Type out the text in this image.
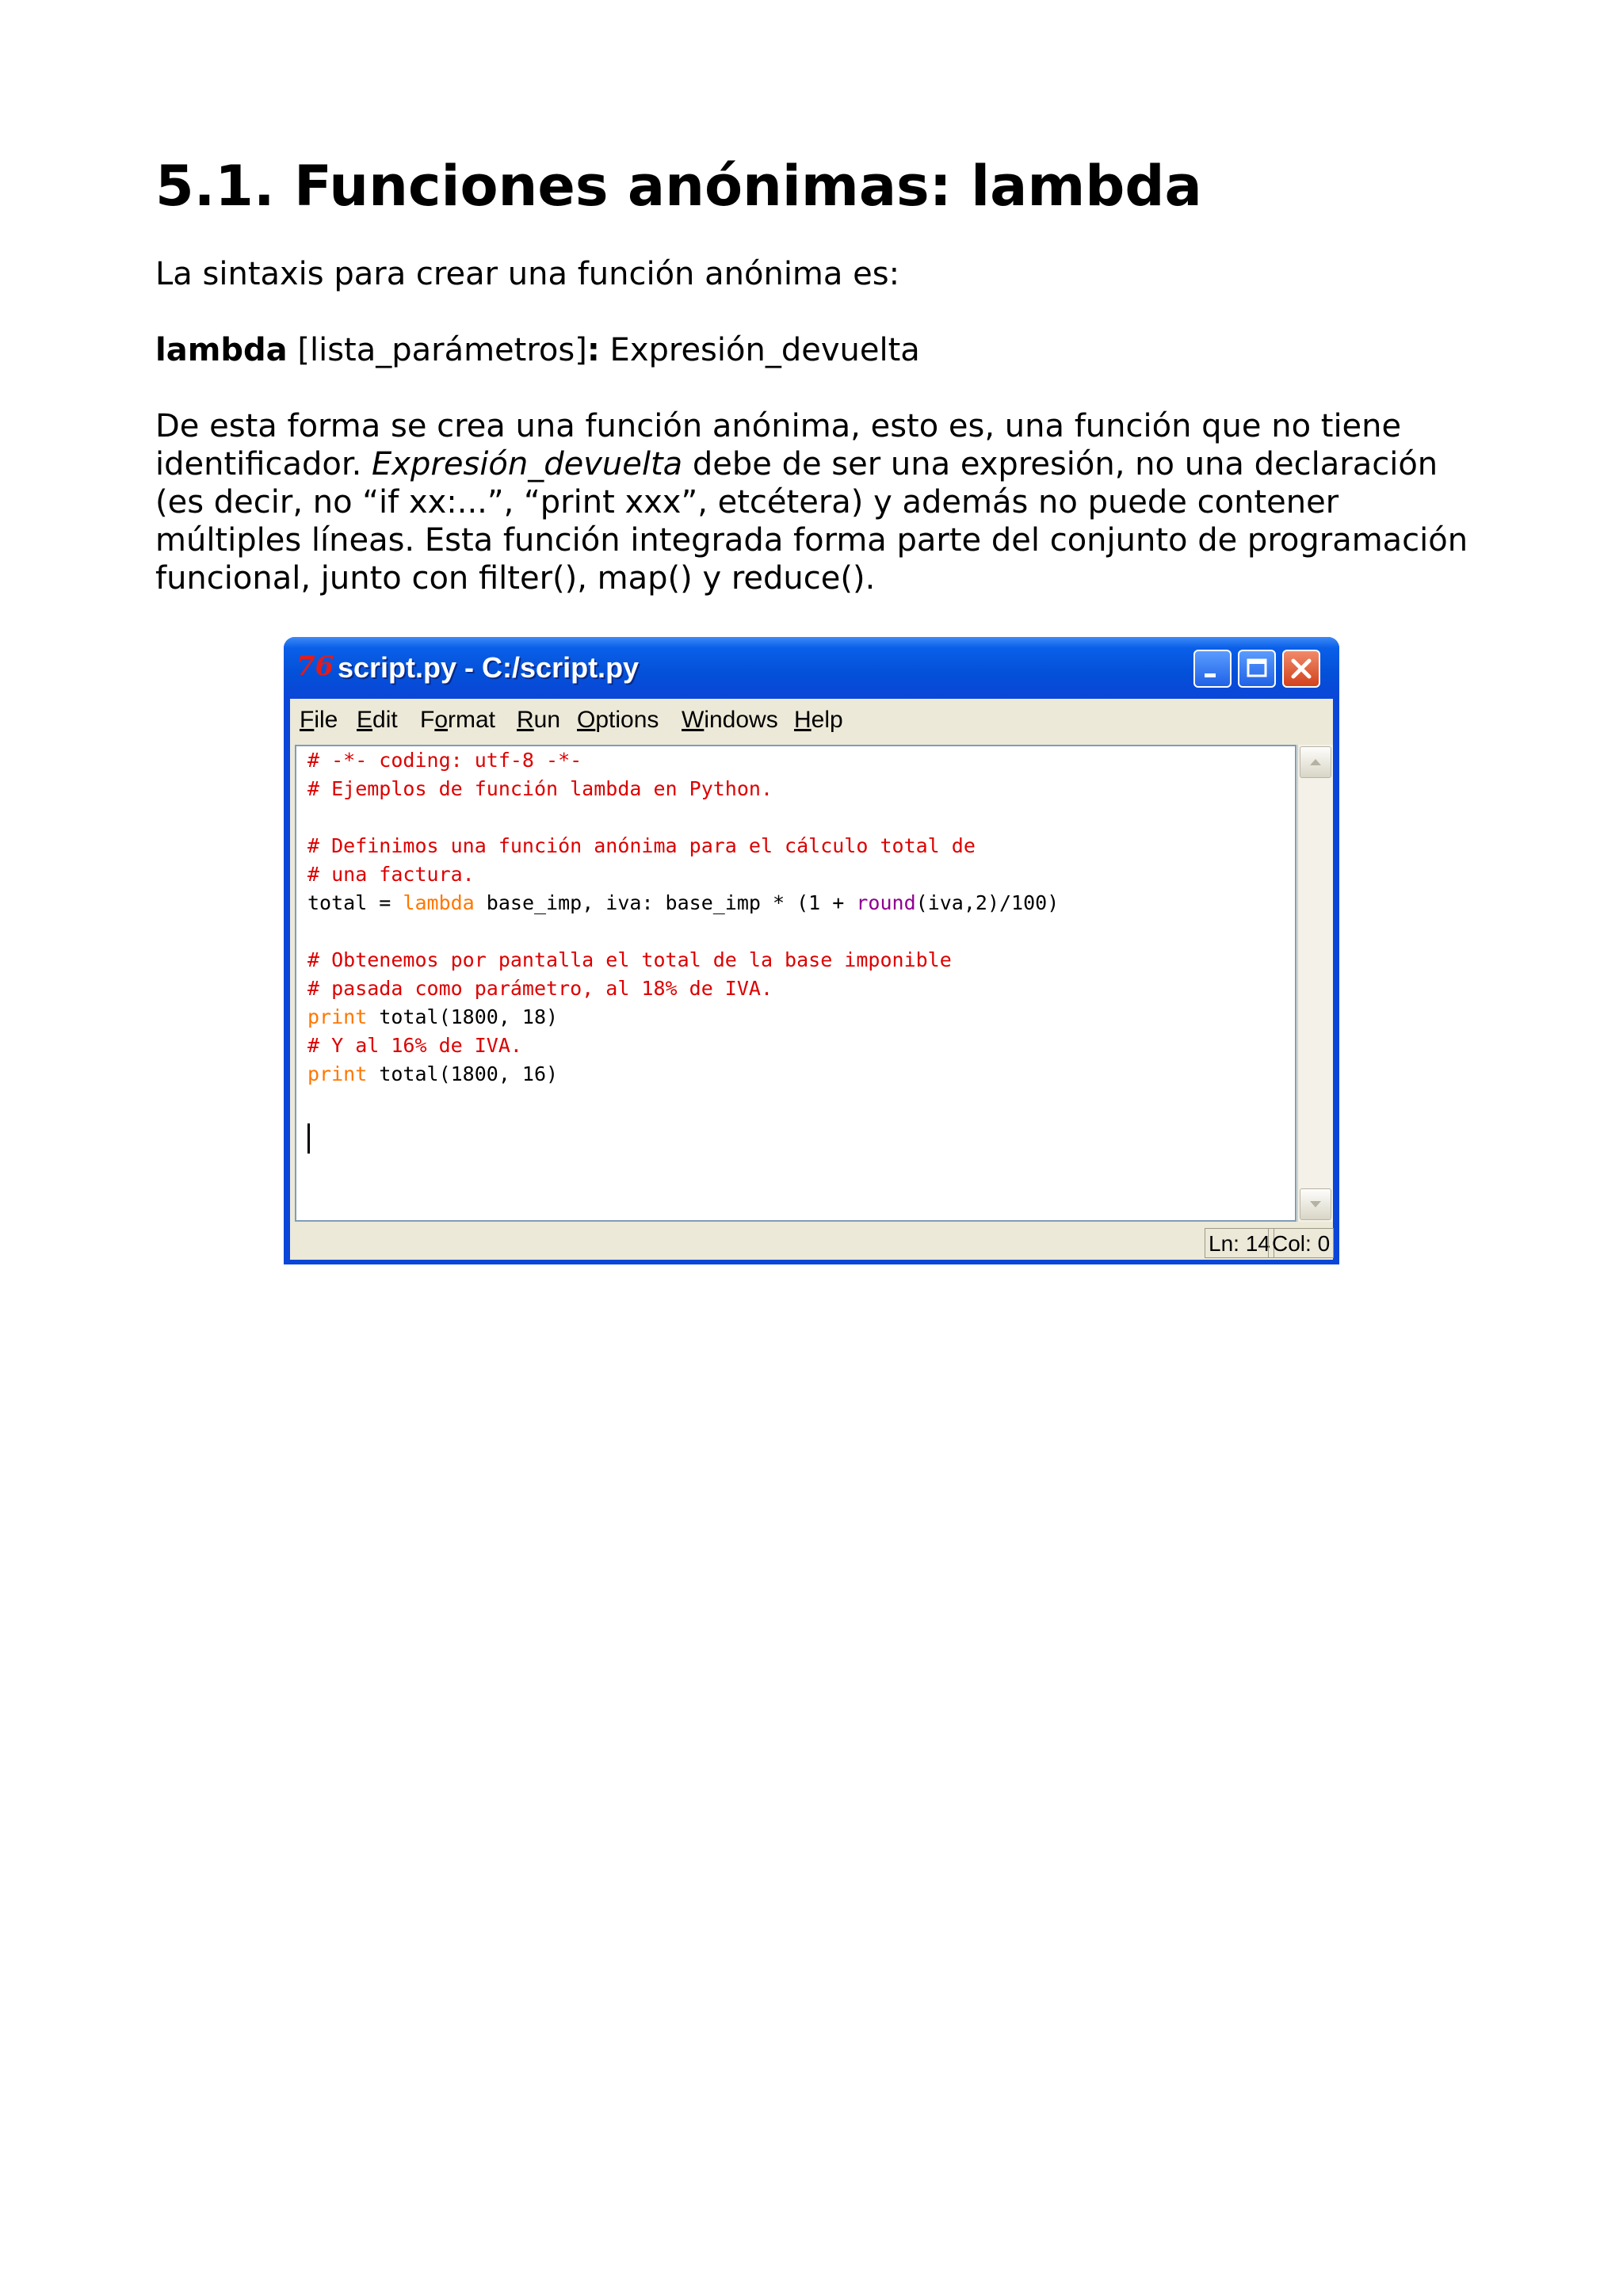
5.1. Funciones anónimas: lambda

La sintaxis para crear una función anónima es:

lambda [lista_parámetros]: Expresión_devuelta

De esta forma se crea una función anónima, esto es, una función que no tiene identificador. Expresión_devuelta debe de ser una expresión, no una declaración (es decir, no “if xx:...”, “print xxx”, etcétera) y además no puede contener múltiples líneas. Esta función integrada forma parte del conjunto de programación funcional, junto con filter(), map() y reduce().

76 script.py - C:/script.py
File Edit Format Run Options Windows Help
# -*- coding: utf-8 -*-
# Ejemplos de función lambda en Python.
# Definimos una función anónima para el cálculo total de
# una factura.
total = lambda base_imp, iva: base_imp * (1 + round(iva,2)/100)
# Obtenemos por pantalla el total de la base imponible
# pasada como parámetro, al 18% de IVA.
print total(1800, 18)
# Y al 16% de IVA.
print total(1800, 16)
Ln: 14 Col: 0
